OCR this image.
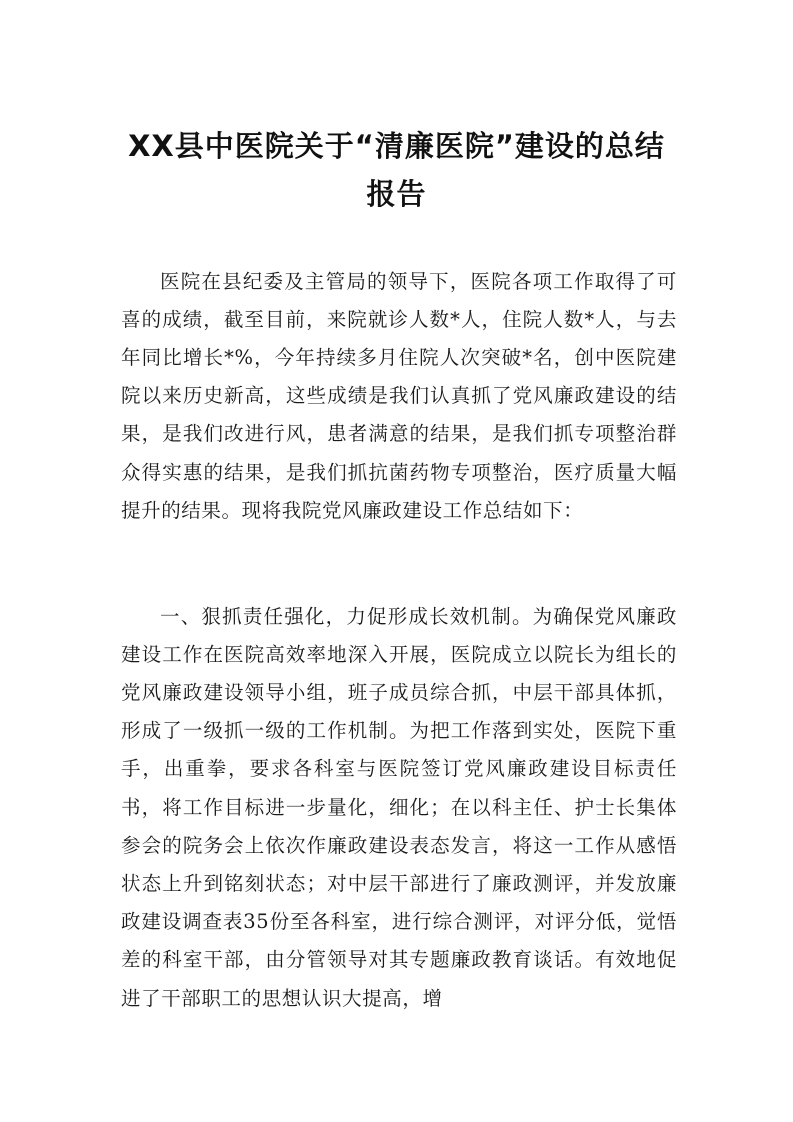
XX县中医院关于“清廉医院”建设的总结
报告

医院在县纪委及主管局的领导下，医院各项工作取得了可喜的成绩，截至目前，来院就诊人数*人，住院人数*人，与去年同比增长*%，今年持续多月住院人次突破*名，创中医院建院以来历史新高，这些成绩是我们认真抓了党风廉政建设的结果，是我们改进行风，患者满意的结果，是我们抓专项整治群众得实惠的结果，是我们抓抗菌药物专项整治，医疗质量大幅提升的结果。现将我院党风廉政建设工作总结如下：

一、狠抓责任强化，力促形成长效机制。为确保党风廉政建设工作在医院高效率地深入开展，医院成立以院长为组长的党风廉政建设领导小组，班子成员综合抓，中层干部具体抓，形成了一级抓一级的工作机制。为把工作落到实处，医院下重手，出重拳，要求各科室与医院签订党风廉政建设目标责任书，将工作目标进一步量化，细化；在以科主任、护士长集体参会的院务会上依次作廉政建设表态发言，将这一工作从感悟状态上升到铭刻状态；对中层干部进行了廉政测评，并发放廉政建设调查表35份至各科室，进行综合测评，对评分低，觉悟差的科室干部，由分管领导对其专题廉政教育谈话。有效地促进了干部职工的思想认识大提高，增
